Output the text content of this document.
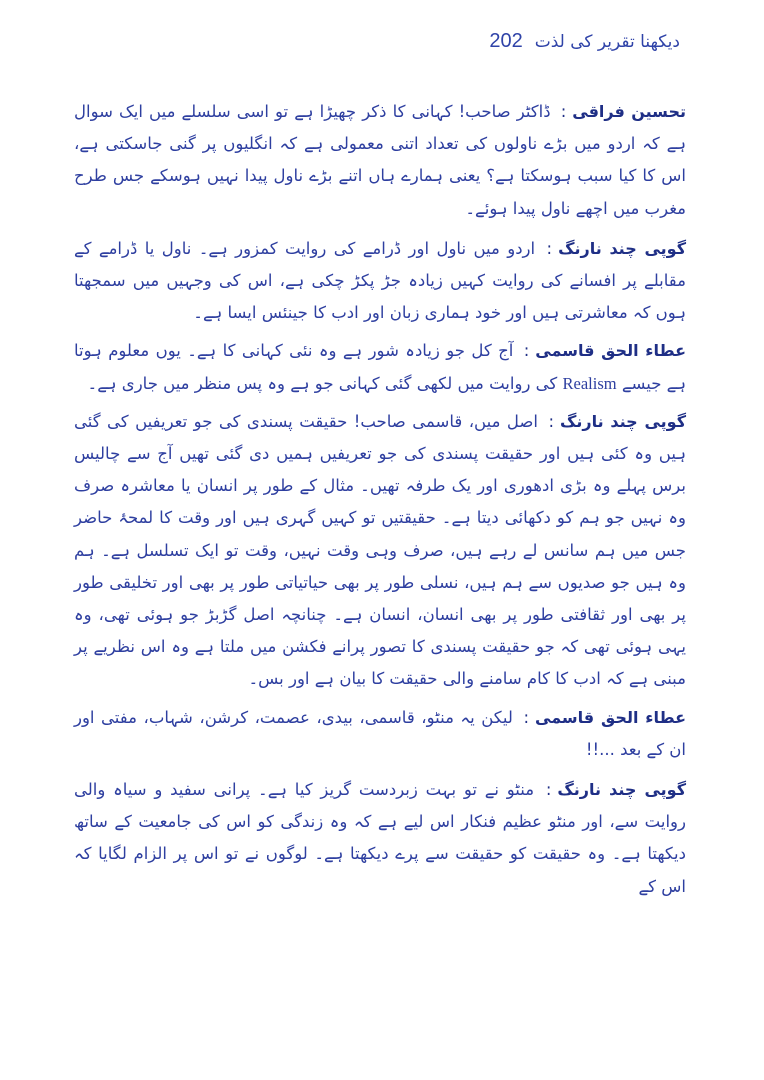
دیکھنا تقریر کی لذت
202

تحسین فراقی: ڈاکٹر صاحب! کہانی کا ذکر چھیڑا ہے تو اسی سلسلے میں ایک سوال ہے کہ اردو میں بڑے ناولوں کی تعداد اتنی معمولی ہے کہ انگلیوں پر گنی جاسکتی ہے، اس کا کیا سبب ہوسکتا ہے؟ یعنی ہمارے ہاں اتنے بڑے ناول پیدا نہیں ہوسکے جس طرح مغرب میں اچھے ناول پیدا ہوئے۔

گوپی چند نارنگ: اردو میں ناول اور ڈرامے کی روایت کمزور ہے۔ ناول یا ڈرامے کے مقابلے پر افسانے کی روایت کہیں زیادہ جڑ پکڑ چکی ہے، اس کی وجہیں میں سمجھتا ہوں کہ معاشرتی ہیں اور خود ہماری زبان اور ادب کا جینئس ایسا ہے۔

عطاء الحق قاسمی: آج کل جو زیادہ شور ہے وہ نئی کہانی کا ہے۔ یوں معلوم ہوتا ہے جیسے Realism کی روایت میں لکھی گئی کہانی جو ہے وہ پس منظر میں جاری ہے۔

گوپی چند نارنگ: اصل میں، قاسمی صاحب! حقیقت پسندی کی جو تعریفیں کی گئی ہیں وہ کئی ہیں اور حقیقت پسندی کی جو تعریفیں ہمیں دی گئی تھیں آج سے چالیس برس پہلے وہ بڑی ادھوری اور یک طرفہ تھیں۔ مثال کے طور پر انسان یا معاشرہ صرف وہ نہیں جو ہم کو دکھائی دیتا ہے۔ حقیقتیں تو کہیں گہری ہیں اور وقت کا لمحۂ حاضر جس میں ہم سانس لے رہے ہیں، صرف وہی وقت نہیں، وقت تو ایک تسلسل ہے۔ ہم وہ ہیں جو صدیوں سے ہم ہیں، نسلی طور پر بھی حیاتیاتی طور پر بھی اور تخلیقی طور پر بھی اور ثقافتی طور پر بھی انسان، انسان ہے۔ چنانچہ اصل گڑبڑ جو ہوئی تھی، وہ یہی ہوئی تھی کہ جو حقیقت پسندی کا تصور پرانے فکشن میں ملتا ہے وہ اس نظریے پر مبنی ہے کہ ادب کا کام سامنے والی حقیقت کا بیان ہے اور بس۔

عطاء الحق قاسمی: لیکن یہ منٹو، قاسمی، بیدی، عصمت، کرشن، شہاب، مفتی اور ان کے بعد ...!!

گوپی چند نارنگ: منٹو نے تو بہت زبردست گریز کیا ہے۔ پرانی سفید و سیاہ والی روایت سے، اور منٹو عظیم فنکار اس لیے ہے کہ وہ زندگی کو اس کی جامعیت کے ساتھ دیکھتا ہے۔ وہ حقیقت کو حقیقت سے پرے دیکھتا ہے۔ لوگوں نے تو اس پر الزام لگایا کہ اس کے
